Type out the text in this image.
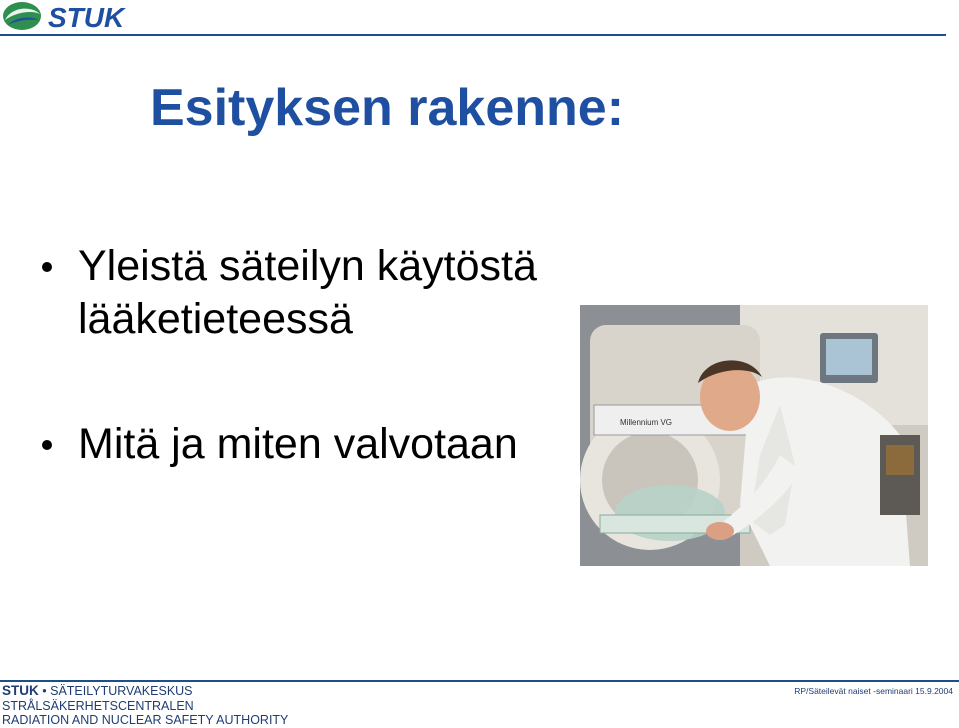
STUK
Esityksen rakenne:
Yleistä säteilyn käytöstä
lääketieteessä
Mitä ja miten valvotaan	Millennium VG
STUK • SÄTEILYTURVAKESKUS
STRÅLSÄKERHETSCENTRALEN
RADIATION AND NUCLEAR SAFETY AUTHORITY
RP/Säteilevät naiset -seminaari 15.9.2004
